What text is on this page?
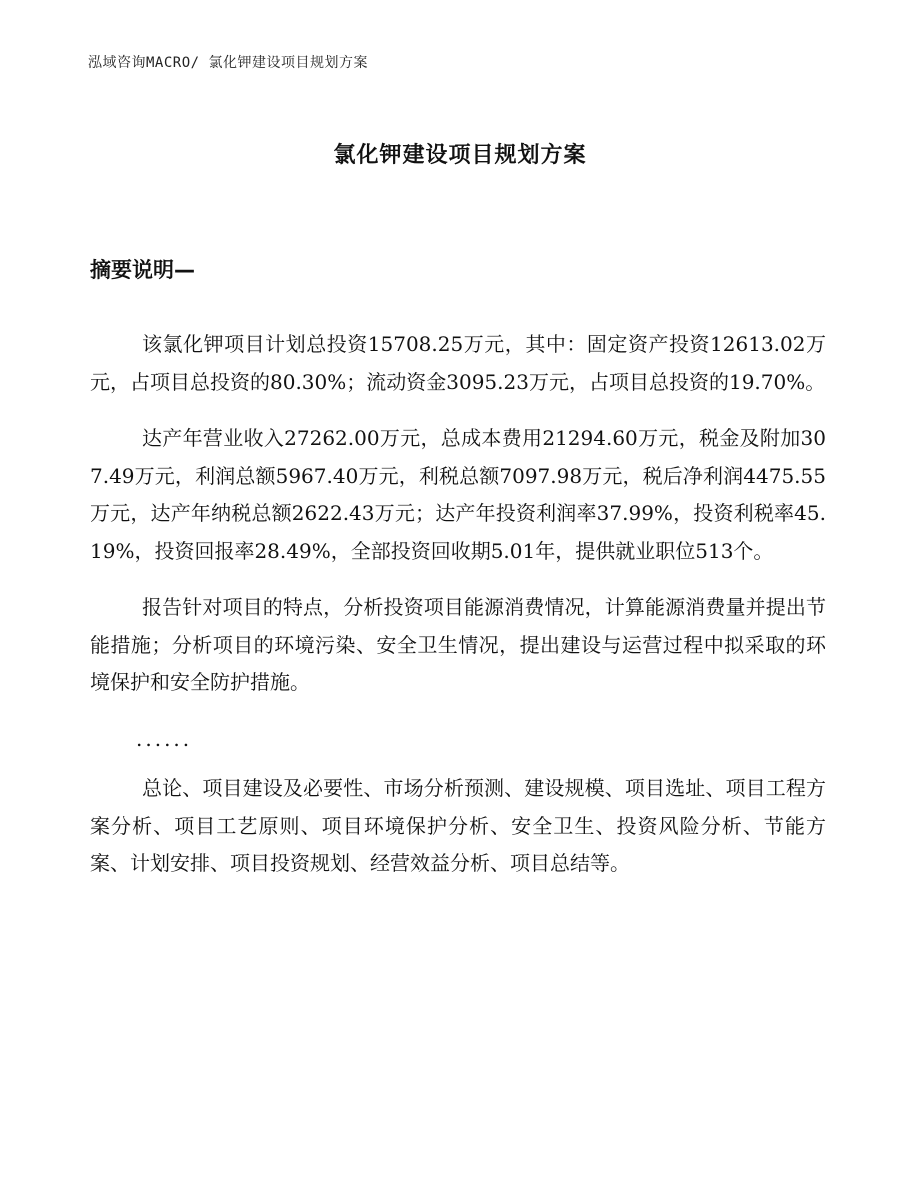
泓域咨询MACRO/ 氯化钾建设项目规划方案
氯化钾建设项目规划方案
摘要说明—

该氯化钾项目计划总投资15708.25万元，其中：固定资产投资12613.02万元，占项目总投资的80.30%；流动资金3095.23万元，占项目总投资的19.70%。

达产年营业收入27262.00万元，总成本费用21294.60万元，税金及附加307.49万元，利润总额5967.40万元，利税总额7097.98万元，税后净利润4475.55万元，达产年纳税总额2622.43万元；达产年投资利润率37.99%，投资利税率45.19%，投资回报率28.49%，全部投资回收期5.01年，提供就业职位513个。

报告针对项目的特点，分析投资项目能源消费情况，计算能源消费量并提出节能措施；分析项目的环境污染、安全卫生情况，提出建设与运营过程中拟采取的环境保护和安全防护措施。

......

总论、项目建设及必要性、市场分析预测、建设规模、项目选址、项目工程方案分析、项目工艺原则、项目环境保护分析、安全卫生、投资风险分析、节能方案、计划安排、项目投资规划、经营效益分析、项目总结等。
